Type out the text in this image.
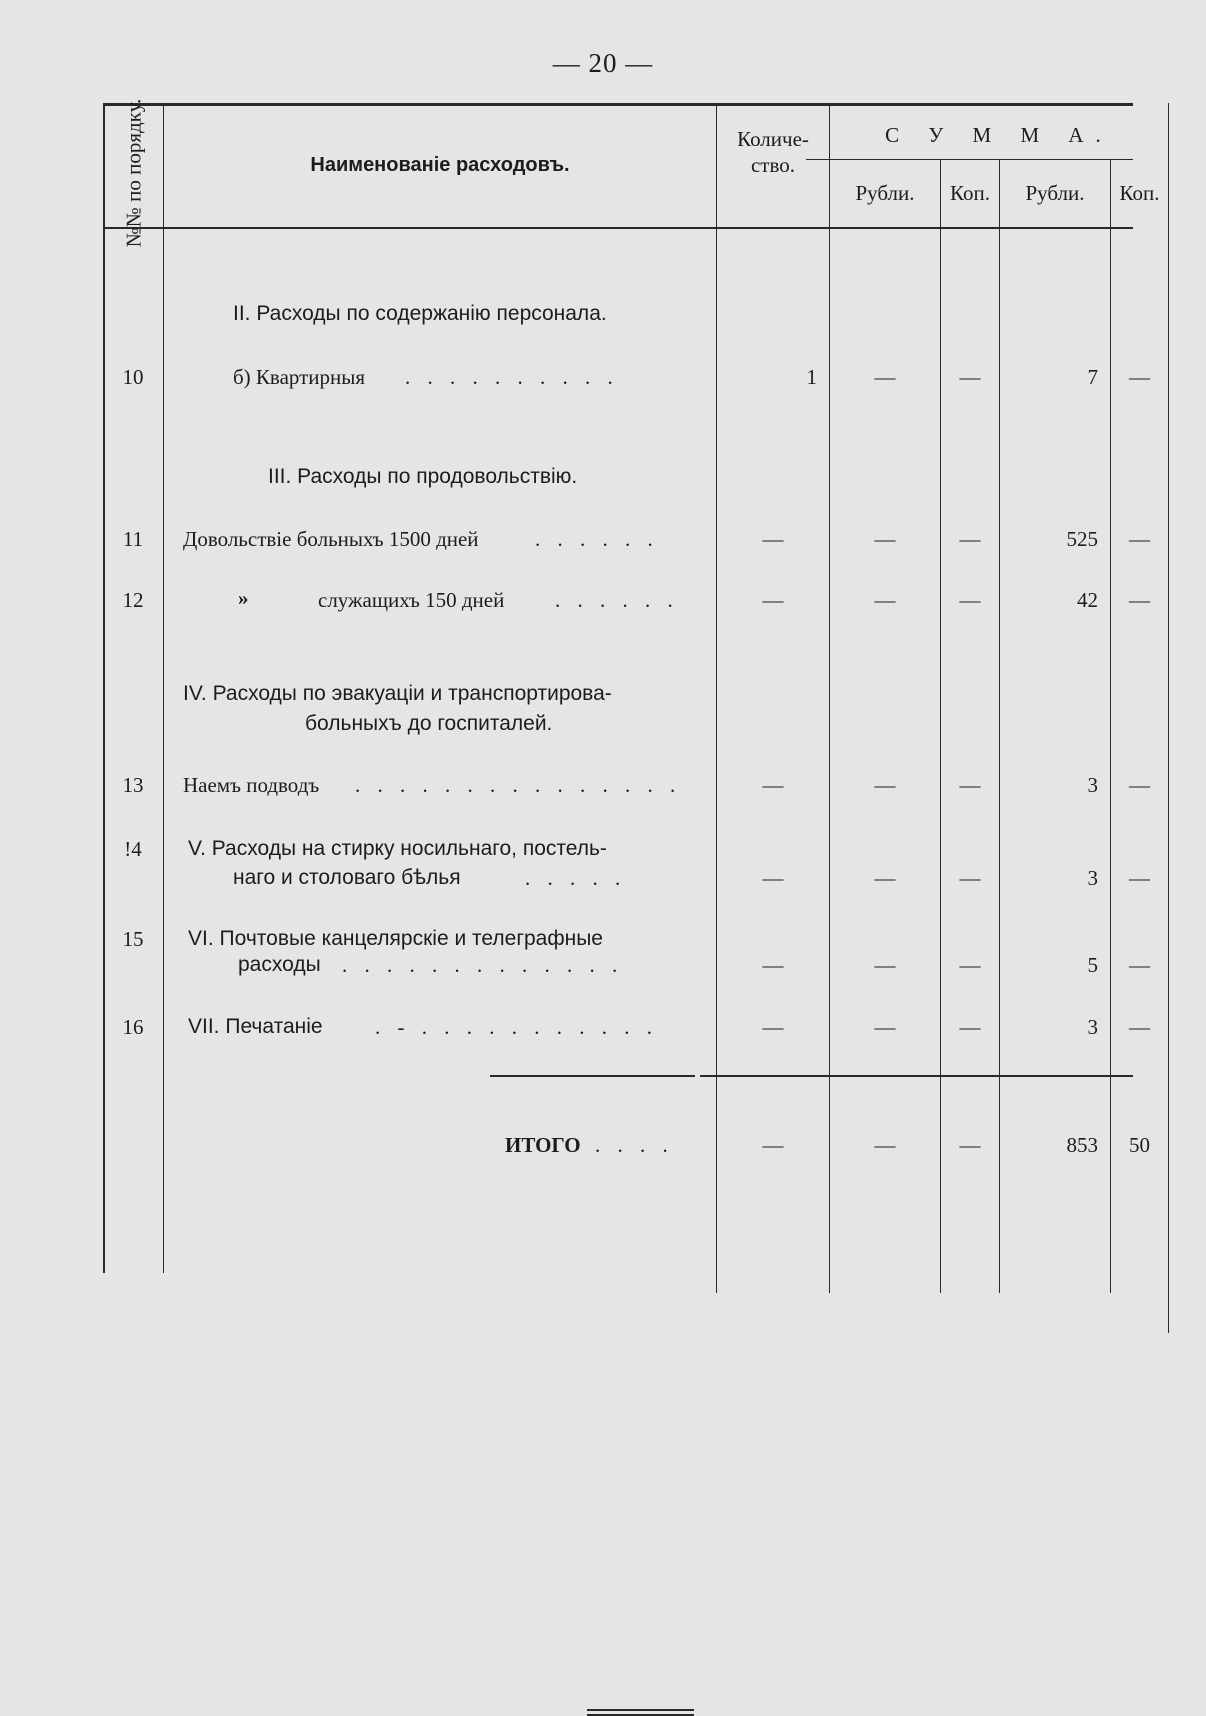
— 20 —
№№ по порядку.	Наименованіе расходовъ.
Количе- ство.
С У М М А.
Рубли.	Коп.	Рубли.	Коп.
II. Расходы по содержанію персонала.
10	б) Квартирныя . . . . . . . . . .	1	—	—	7	—
III. Расходы по продовольствію.
11	Довольствіе больныхъ 1500 дней	. . . . . .	—	—	—	525	—
12	»	служащихъ 150 дней . . . . . .	—	—	—	42	—
IV. Расходы по эвакуаціи и транспортирова-
больныхъ до госпиталей.
13	Наемъ подводъ . . . . . . . . . . . . . . .	—	—	—	3	—
!4	V. Расходы на стирку носильнаго, постель-
наго и столоваго бѣлья	. . . . .	—	—	—	3	—
15	VI. Почтовые канцелярскіе и телеграфные
расходы . . . . . . . . . . . . .	—	—	—	5	—
16	VII. Печатаніе . - . . . . . . . . . . .	—	—	—	3	—
ИТОГО . . . .	—	—	—	853	50
